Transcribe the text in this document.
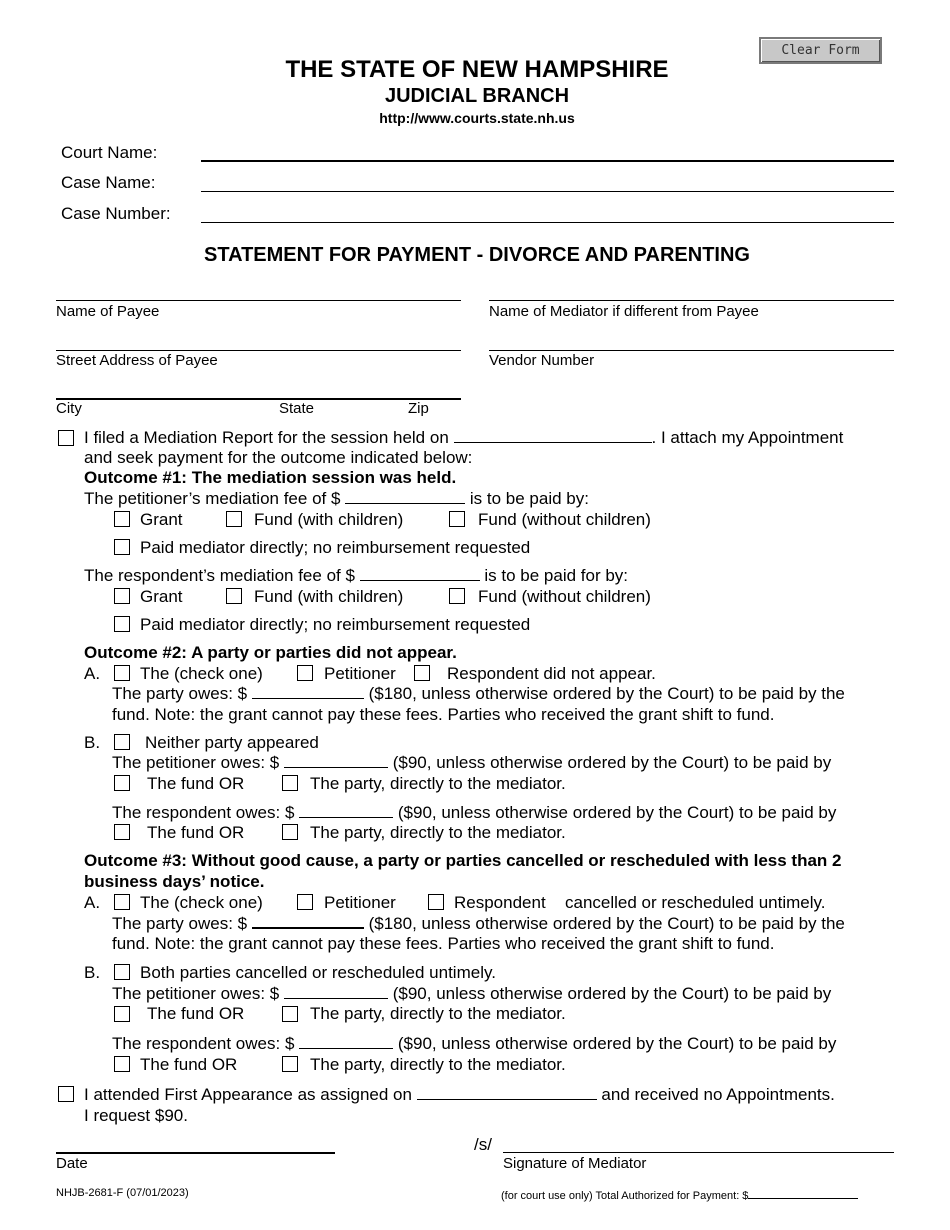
Clear Form
THE STATE OF NEW HAMPSHIRE
JUDICIAL BRANCH
http://www.courts.state.nh.us
Court Name:
Case Name:
Case Number:
STATEMENT FOR PAYMENT - DIVORCE AND PARENTING
Name of Payee	Name of Mediator if different from Payee
Street Address of Payee	Vendor Number
City	State	Zip
I filed a Mediation Report for the session held on	. I attach my Appointment
and seek payment for the outcome indicated below:
Outcome #1: The mediation session was held.
The petitioner’s mediation fee of $	is to be paid by:
Grant	Fund (with children)	Fund (without children)
Paid mediator directly; no reimbursement requested
The respondent’s mediation fee of $	is to be paid for by:
Grant	Fund (with children)	Fund (without children)
Paid mediator directly; no reimbursement requested
Outcome #2: A party or parties did not appear.
A. The (check one)	Petitioner	Respondent did not appear.
The party owes: $	($180, unless otherwise ordered by the Court) to be paid by the
fund. Note: the grant cannot pay these fees. Parties who received the grant shift to fund.
B.	Neither party appeared
The petitioner owes: $	($90, unless otherwise ordered by the Court) to be paid by
The fund OR	The party, directly to the mediator.
The respondent owes: $	($90, unless otherwise ordered by the Court) to be paid by
The fund OR	The party, directly to the mediator.
Outcome #3: Without good cause, a party or parties cancelled or rescheduled with less than 2
business days’ notice.
A. The (check one)	Petitioner	Respondent cancelled or rescheduled untimely.
The party owes: $	($180, unless otherwise ordered by the Court) to be paid by the
fund. Note: the grant cannot pay these fees. Parties who received the grant shift to fund.
B. Both parties cancelled or rescheduled untimely.
The petitioner owes: $	($90, unless otherwise ordered by the Court) to be paid by
The fund OR	The party, directly to the mediator.
The respondent owes: $	($90, unless otherwise ordered by the Court) to be paid by
The fund OR	The party, directly to the mediator.
I attended First Appearance as assigned on	and received no Appointments.
I request $90.
/s/
Date	Signature of Mediator
NHJB-2681-F (07/01/2023)	(for court use only) Total Authorized for Payment: $
